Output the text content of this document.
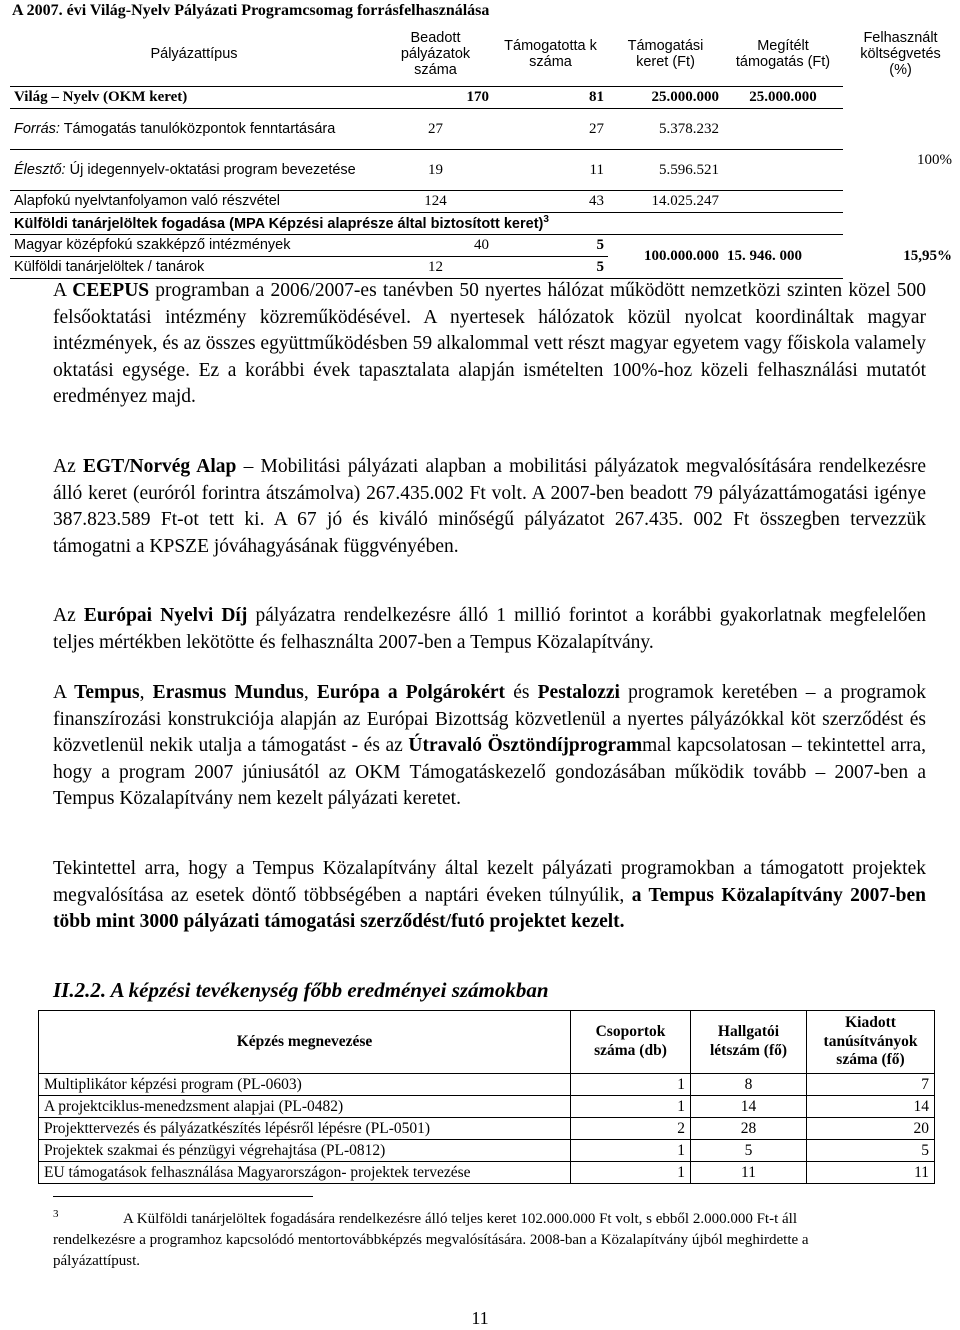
A 2007. évi Világ-Nyelv Pályázati Programcsomag forrásfelhasználása					
Pályázattípus	Beadott pályázatok száma	Támogatotta k száma	Támogatási keret (Ft)	Megítélt támogatás (Ft)	Felhasznált költségvetés (%)
Világ – Nyelv (OKM keret)	170	81	25.000.000	25.000.000	100%
Forrás: Támogatás tanulóközpontok fenntartására	27	27	5.378.232		
Élesztő: Új idegennyelv-oktatási program bevezetése	19	11	5.596.521		
Alapfokú nyelvtanfolyamon való részvétel	124	43	14.025.247		
Külföldi tanárjelöltek fogadása (MPA Képzési alaprésze által biztosított keret)$^3$
Magyar középfokú szakképző intézmények	40	5	100.000.000	15. 946. 000	15,95%
Külföldi tanárjelöltek / tanárok	12	5			

A CEEPUS programban a 2006/2007-es tanévben 50 nyertes hálózat működött nemzetközi szinten közel 500 felsőoktatási intézmény közreműködésével. A nyertesek hálózatok közül nyolcat koordináltak magyar intézmények, és az összes együttműködésben 59 alkalommal vett részt magyar egyetem vagy főiskola valamely oktatási egysége. Ez a korábbi évek tapasztalata alapján ismételten 100%-hoz közeli felhasználási mutatót eredményez majd.

Az EGT/Norvég Alap – Mobilitási pályázati alapban a mobilitási pályázatok megvalósítására rendelkezésre álló keret (euróról forintra átszámolva) 267.435.002 Ft volt. A 2007-ben beadott 79 pályázattámogatási igénye 387.823.589 Ft-ot tett ki. A 67 jó és kiváló minőségű pályázatot 267.435. 002 Ft összegben tervezzük támogatni a KPSZE jóváhagyásának függvényében.

Az Európai Nyelvi Díj pályázatra rendelkezésre álló 1 millió forintot a korábbi gyakorlatnak megfelelően teljes mértékben lekötötte és felhasználta 2007-ben a Tempus Közalapítvány.

A Tempus, Erasmus Mundus, Európa a Polgárokért és Pestalozzi programok keretében – a programok finanszírozási konstrukciója alapján az Európai Bizottság közvetlenül a nyertes pályázókkal köt szerződést és közvetlenül nekik utalja a támogatást - és az Útravaló Ösztöndíjprogrammal kapcsolatosan – tekintettel arra, hogy a program 2007 júniusától az OKM Támogatáskezelő gondozásában működik tovább – 2007-ben a Tempus Közalapítvány nem kezelt pályázati keretet.

Tekintettel arra, hogy a Tempus Közalapítvány által kezelt pályázati programokban a támogatott projektek megvalósítása az esetek döntő többségében a naptári éveken túlnyúlik, a Tempus Közalapítvány 2007-ben több mint 3000 pályázati támogatási szerződést/futó projektet kezelt.

II.2.2. A képzési tevékenység főbb eredményei számokban
Képzés megnevezése	Csoportok száma (db)	Hallgatói létszám (fő)	Kiadott tanúsítványok száma (fő)
Multiplikátor képzési program (PL-0603)	1	8	7
A projektciklus-menedzsment alapjai (PL-0482)	1	14	14
Projekttervezés és pályázatkészítés lépésről lépésre (PL-0501)	2	28	20
Projektek szakmai és pénzügyi végrehajtása (PL-0812)	1	5	5
EU támogatások felhasználása Magyarországon- projektek tervezése	1	11	11

3	A Külföldi tanárjelöltek fogadására rendelkezésre álló teljes keret 102.000.000 Ft volt, s ebből 2.000.000 Ft-t áll rendelkezésre a programhoz kapcsolódó mentortovábbképzés megvalósítására. 2008-ban a Közalapítvány újból meghirdette a pályázattípust.

11
